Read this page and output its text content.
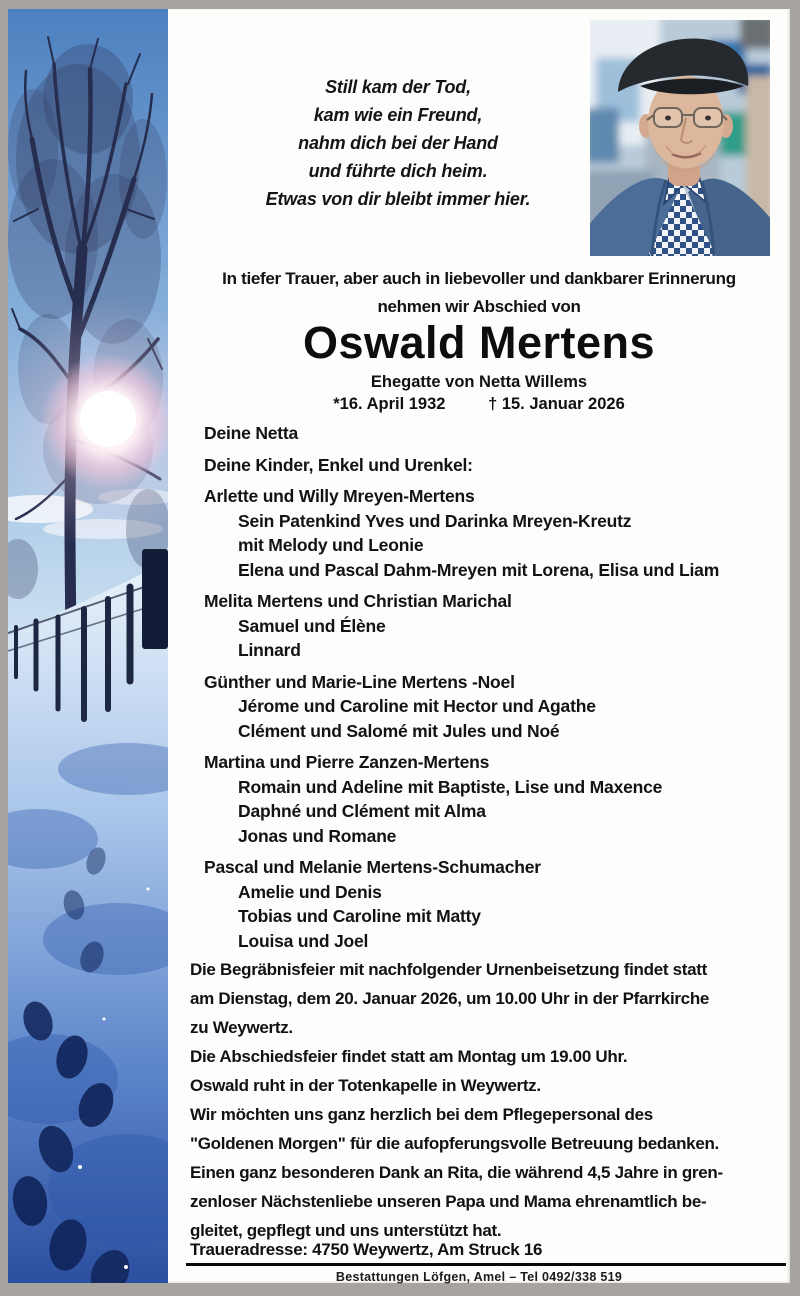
Still kam der Tod,
kam wie ein Freund,
nahm dich bei der Hand
und führte dich heim.
Etwas von dir bleibt immer hier.
In tiefer Trauer, aber auch in liebevoller und dankbarer Erinnerung
nehmen wir Abschied von
Oswald Mertens
Ehegatte von Netta Willems
*16. April 1932	† 15. Januar 2026
Deine Netta
Deine Kinder, Enkel und Urenkel:
Arlette und Willy Mreyen-Mertens
Sein Patenkind Yves und Darinka Mreyen-Kreutz
mit Melody und Leonie
Elena und Pascal Dahm-Mreyen mit Lorena, Elisa und Liam
Melita Mertens und Christian Marichal
Samuel und Élène
Linnard
Günther und Marie-Line Mertens -Noel
Jérome und Caroline mit Hector und Agathe
Clément und Salomé mit Jules und Noé
Martina und Pierre Zanzen-Mertens
Romain und Adeline mit Baptiste, Lise und Maxence
Daphné und Clément mit Alma
Jonas und Romane
Pascal und Melanie Mertens-Schumacher
Amelie und Denis
Tobias und Caroline mit Matty
Louisa und Joel
Die Begräbnisfeier mit nachfolgender Urnenbeisetzung findet statt
am Dienstag, dem 20. Januar 2026, um 10.00 Uhr in der Pfarrkirche
zu Weywertz.
Die Abschiedsfeier findet statt am Montag um 19.00 Uhr.
Oswald ruht in der Totenkapelle in Weywertz.
Wir möchten uns ganz herzlich bei dem Pflegepersonal des
"Goldenen Morgen" für die aufopferungsvolle Betreuung bedanken.
Einen ganz besonderen Dank an Rita, die während 4,5 Jahre in gren-
zenloser Nächstenliebe unseren Papa und Mama ehrenamtlich be-
gleitet, gepflegt und uns unterstützt hat.
Traueradresse: 4750 Weywertz, Am Struck 16
Bestattungen Löfgen, Amel – Tel 0492/338 519
